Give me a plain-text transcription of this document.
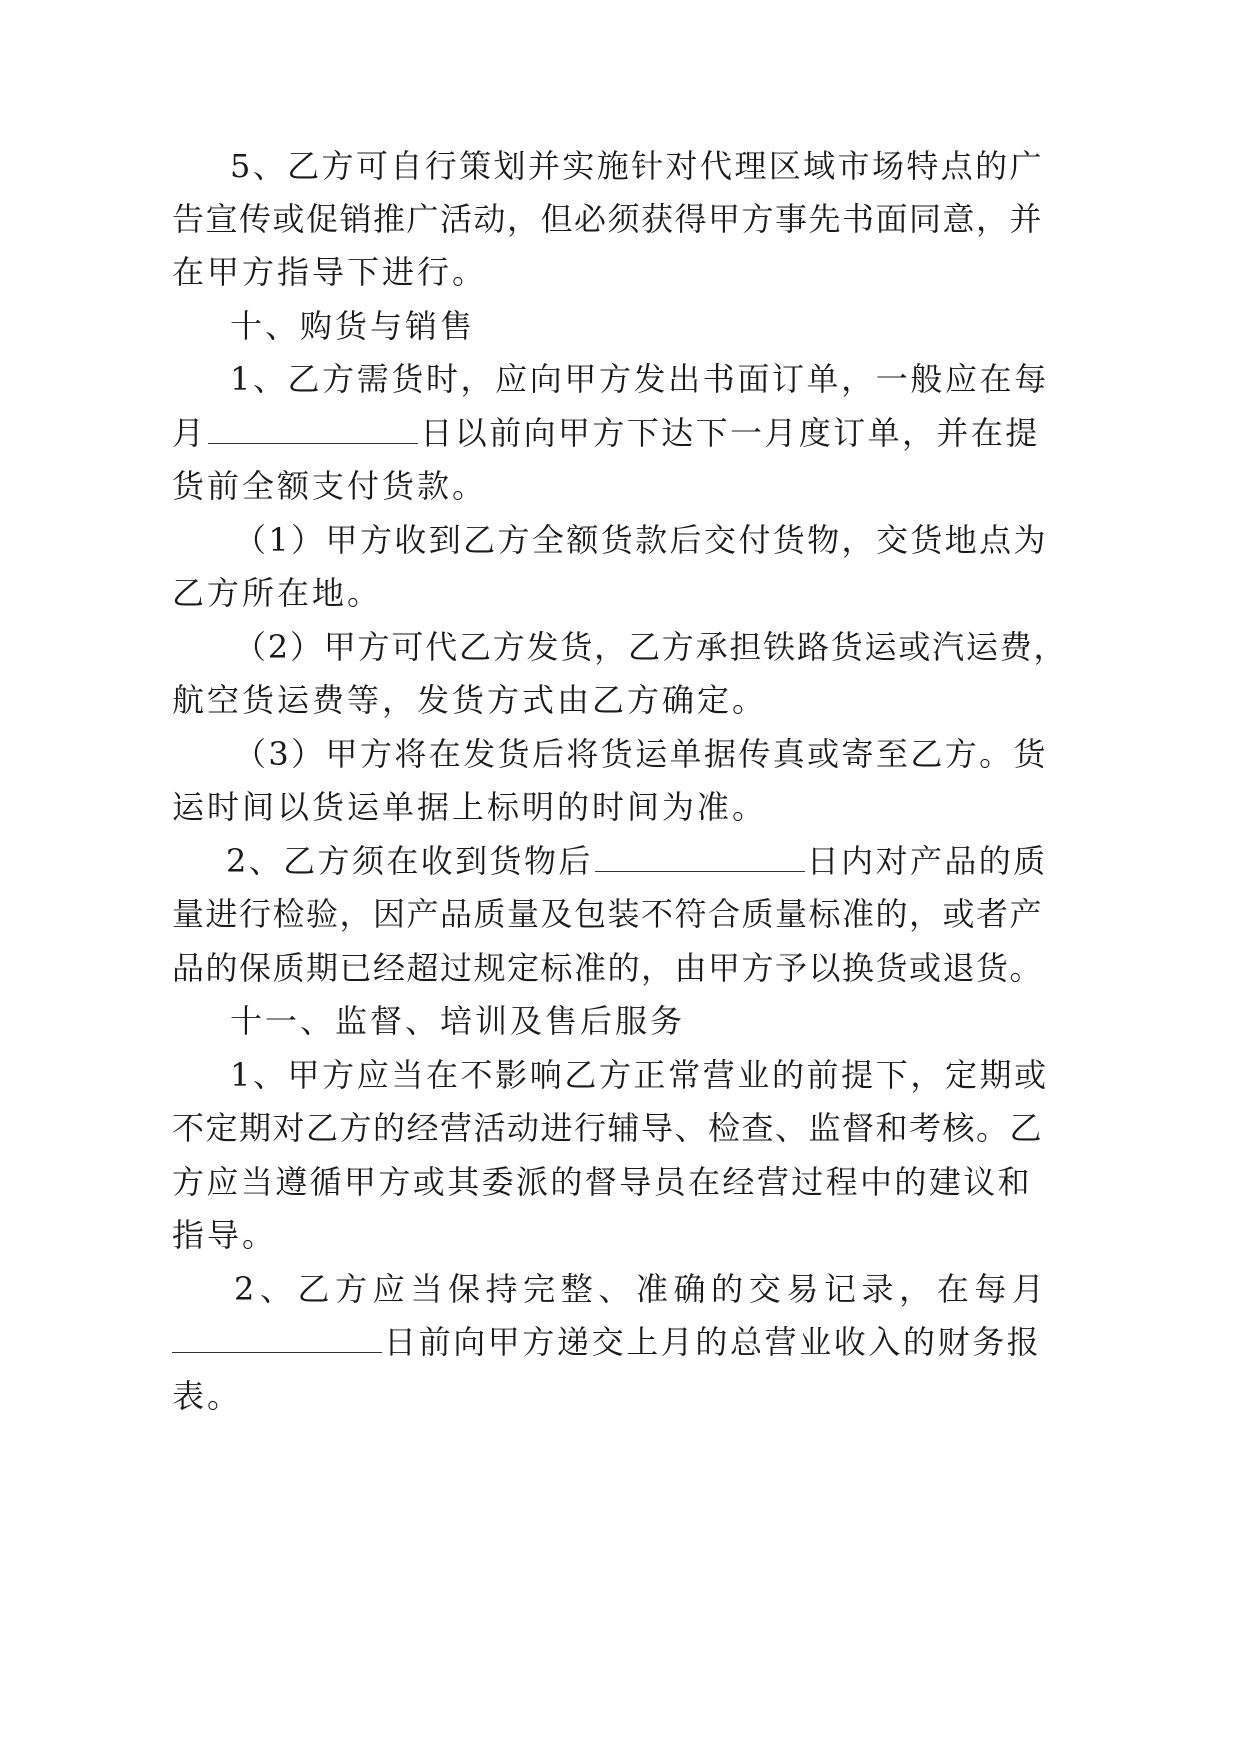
5、乙方可自行策划并实施针对代理区域市场特点的广
告宣传或促销推广活动，但必须获得甲方事先书面同意，并
在甲方指导下进行。
十、购货与销售
1、乙方需货时，应向甲方发出书面订单，一般应在每
月	日以前向甲方下达下一月度订单，并在提
货前全额支付货款。
（1）甲方收到乙方全额货款后交付货物，交货地点为
乙方所在地。
（2）甲方可代乙方发货，乙方承担铁路货运或汽运费，
航空货运费等，发货方式由乙方确定。
（3）甲方将在发货后将货运单据传真或寄至乙方。货
运时间以货运单据上标明的时间为准。
2、乙方须在收到货物后	日内对产品的质
量进行检验，因产品质量及包装不符合质量标准的，或者产
品的保质期已经超过规定标准的，由甲方予以换货或退货。
十一、监督、培训及售后服务
1、甲方应当在不影响乙方正常营业的前提下，定期或
不定期对乙方的经营活动进行辅导、检查、监督和考核。乙
方应当遵循甲方或其委派的督导员在经营过程中的建议和
指导。
2、乙方应当保持完整、准确的交易记录，在每月
日前向甲方递交上月的总营业收入的财务报
表。
